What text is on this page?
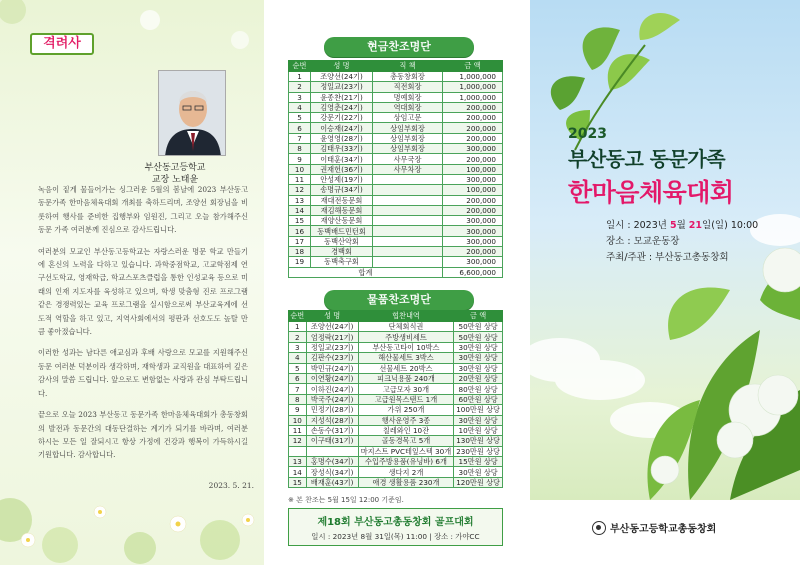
격려사
부산동고등학교
교장 노태윤

녹음이 짙게 물들어가는 싱그러운 5월의 봄날에 2023 부산동고 동문가족 한마음체육대회 개최를 축하드리며, 조양선 회장님을 비롯하여 행사를 준비한 집행부와 임원진, 그리고 오늘 참가해주신 동문 가족 여러분께 진심으로 감사드립니다.

여러분의 모교인 부산동고등학교는 자랑스러운 명문 학교 만들기에 혼신의 노력을 다하고 있습니다. 과학중점학교, 고교학점제 연구선도학교, 영재학급, 학교스포츠클럽을 통한 인성교육 등으로 미래의 인재 지도자를 육성하고 있으며, 학생 맞춤형 진로 프로그램 같은 경쟁력있는 교육 프로그램을 실시함으로써 부산교육계에 선도적 역할을 하고 있고, 지역사회에서의 평판과 선호도도 높탈 만큼 좋아졌습니다.

이러한 성과는 남다른 애교심과 후배 사랑으로 모교를 지원해주신 동문 여러분 덕분이라 생각하며, 재학생과 교직원을 대표하여 깊은 감사의 말씀 드립니다. 앞으로도 변함없는 사랑과 관심 부탁드립니다.

끝으로 오늘 2023 부산동고 동문가족 한마음체육대회가 총동창회의 발전과 동문간의 대동단결하는 계기가 되기를 바라며, 여러분 하시는 모든 일 잘되시고 항상 가정에 건강과 행복이 가득하시길 기원합니다. 감사합니다.

2023. 5. 21.
현금찬조명단
순번	성 명	직 책	금 액
1	조양선(24기)	총동창회장	1,000,000
2	정일교(23기)	직전회장	1,000,000
3	윤종찬(21기)	명예회장	1,000,000
4	김영춘(24기)	역대회장	200,000
5	강문기(22기)	상임고문	200,000
6	이승재(24기)	상임부회장	200,000
7	윤영영(28기)	상임부회장	200,000
8	김태우(33기)	상임부회장	300,000
9	이태훈(34기)	사무국장	200,000
10	권재헌(36기)	사무차장	100,000
11	안성제(19기)		300,000
12	송명규(34기)		100,000
13	재대전동문회		200,000
14	재김해동문회		200,000
15	재양산동문회		300,000
16	동백배드민턴회		300,000
17	동백산악회		300,000
18	경백회		200,000
19	동백축구회		300,000
합계			6,600,000
물품찬조명단
순번	성 명	협찬내역	금 액
1	조양선(24기)	단체회식권	50만원 상당
2	엄정락(21기)	주방생비세트	50만원 상당
3	정일교(23기)	부산동고타이 10박스	30만원 상당
4	김판수(23기)	해산물세트 3박스	30만원 상당
5	박민규(24기)	선물세트 20박스	30만원 상당
6	이연황(24기)	피크닉용품 240개	20만원 상당
7	이하진(24기)	고급모자 30개	80만원 상당
8	박국주(24기)	고급원목스탠드 1개	60만원 상당
9	민정기(28기)	가위 250개	100만원 상당
10	지성석(28기)	행사운영주 3종	30만원 상당
11	손동수(31기)	칠레와인 10잔	10만원 상당
12	이구태(31기)	골동경목고 5개	130만원 상당
		마지스트 PVC테잎스텍 30개	230만원 상당
13	홍명수(34기)	수입주방용품(유닝바) 6개	15만원 상당
14	장성식(34기)	생다지 2개	30만원 상당
15	배재훈(43기)	애경 생활용품 230개	120만원 상당
※ 본 찬조는 5월 15일 12:00 기준임.
제18회 부산동고총동창회 골프대회
일시 : 2023년 8월 31일(목) 11:00 | 장소 : 가야CC
2023
부산동고 동문가족
한마음체육대회
일시 : 2023년 5월 21일(일) 10:00
장소 : 모교운동장
주최/주관 : 부산동고총동창회
부산동고등학교총동창회
